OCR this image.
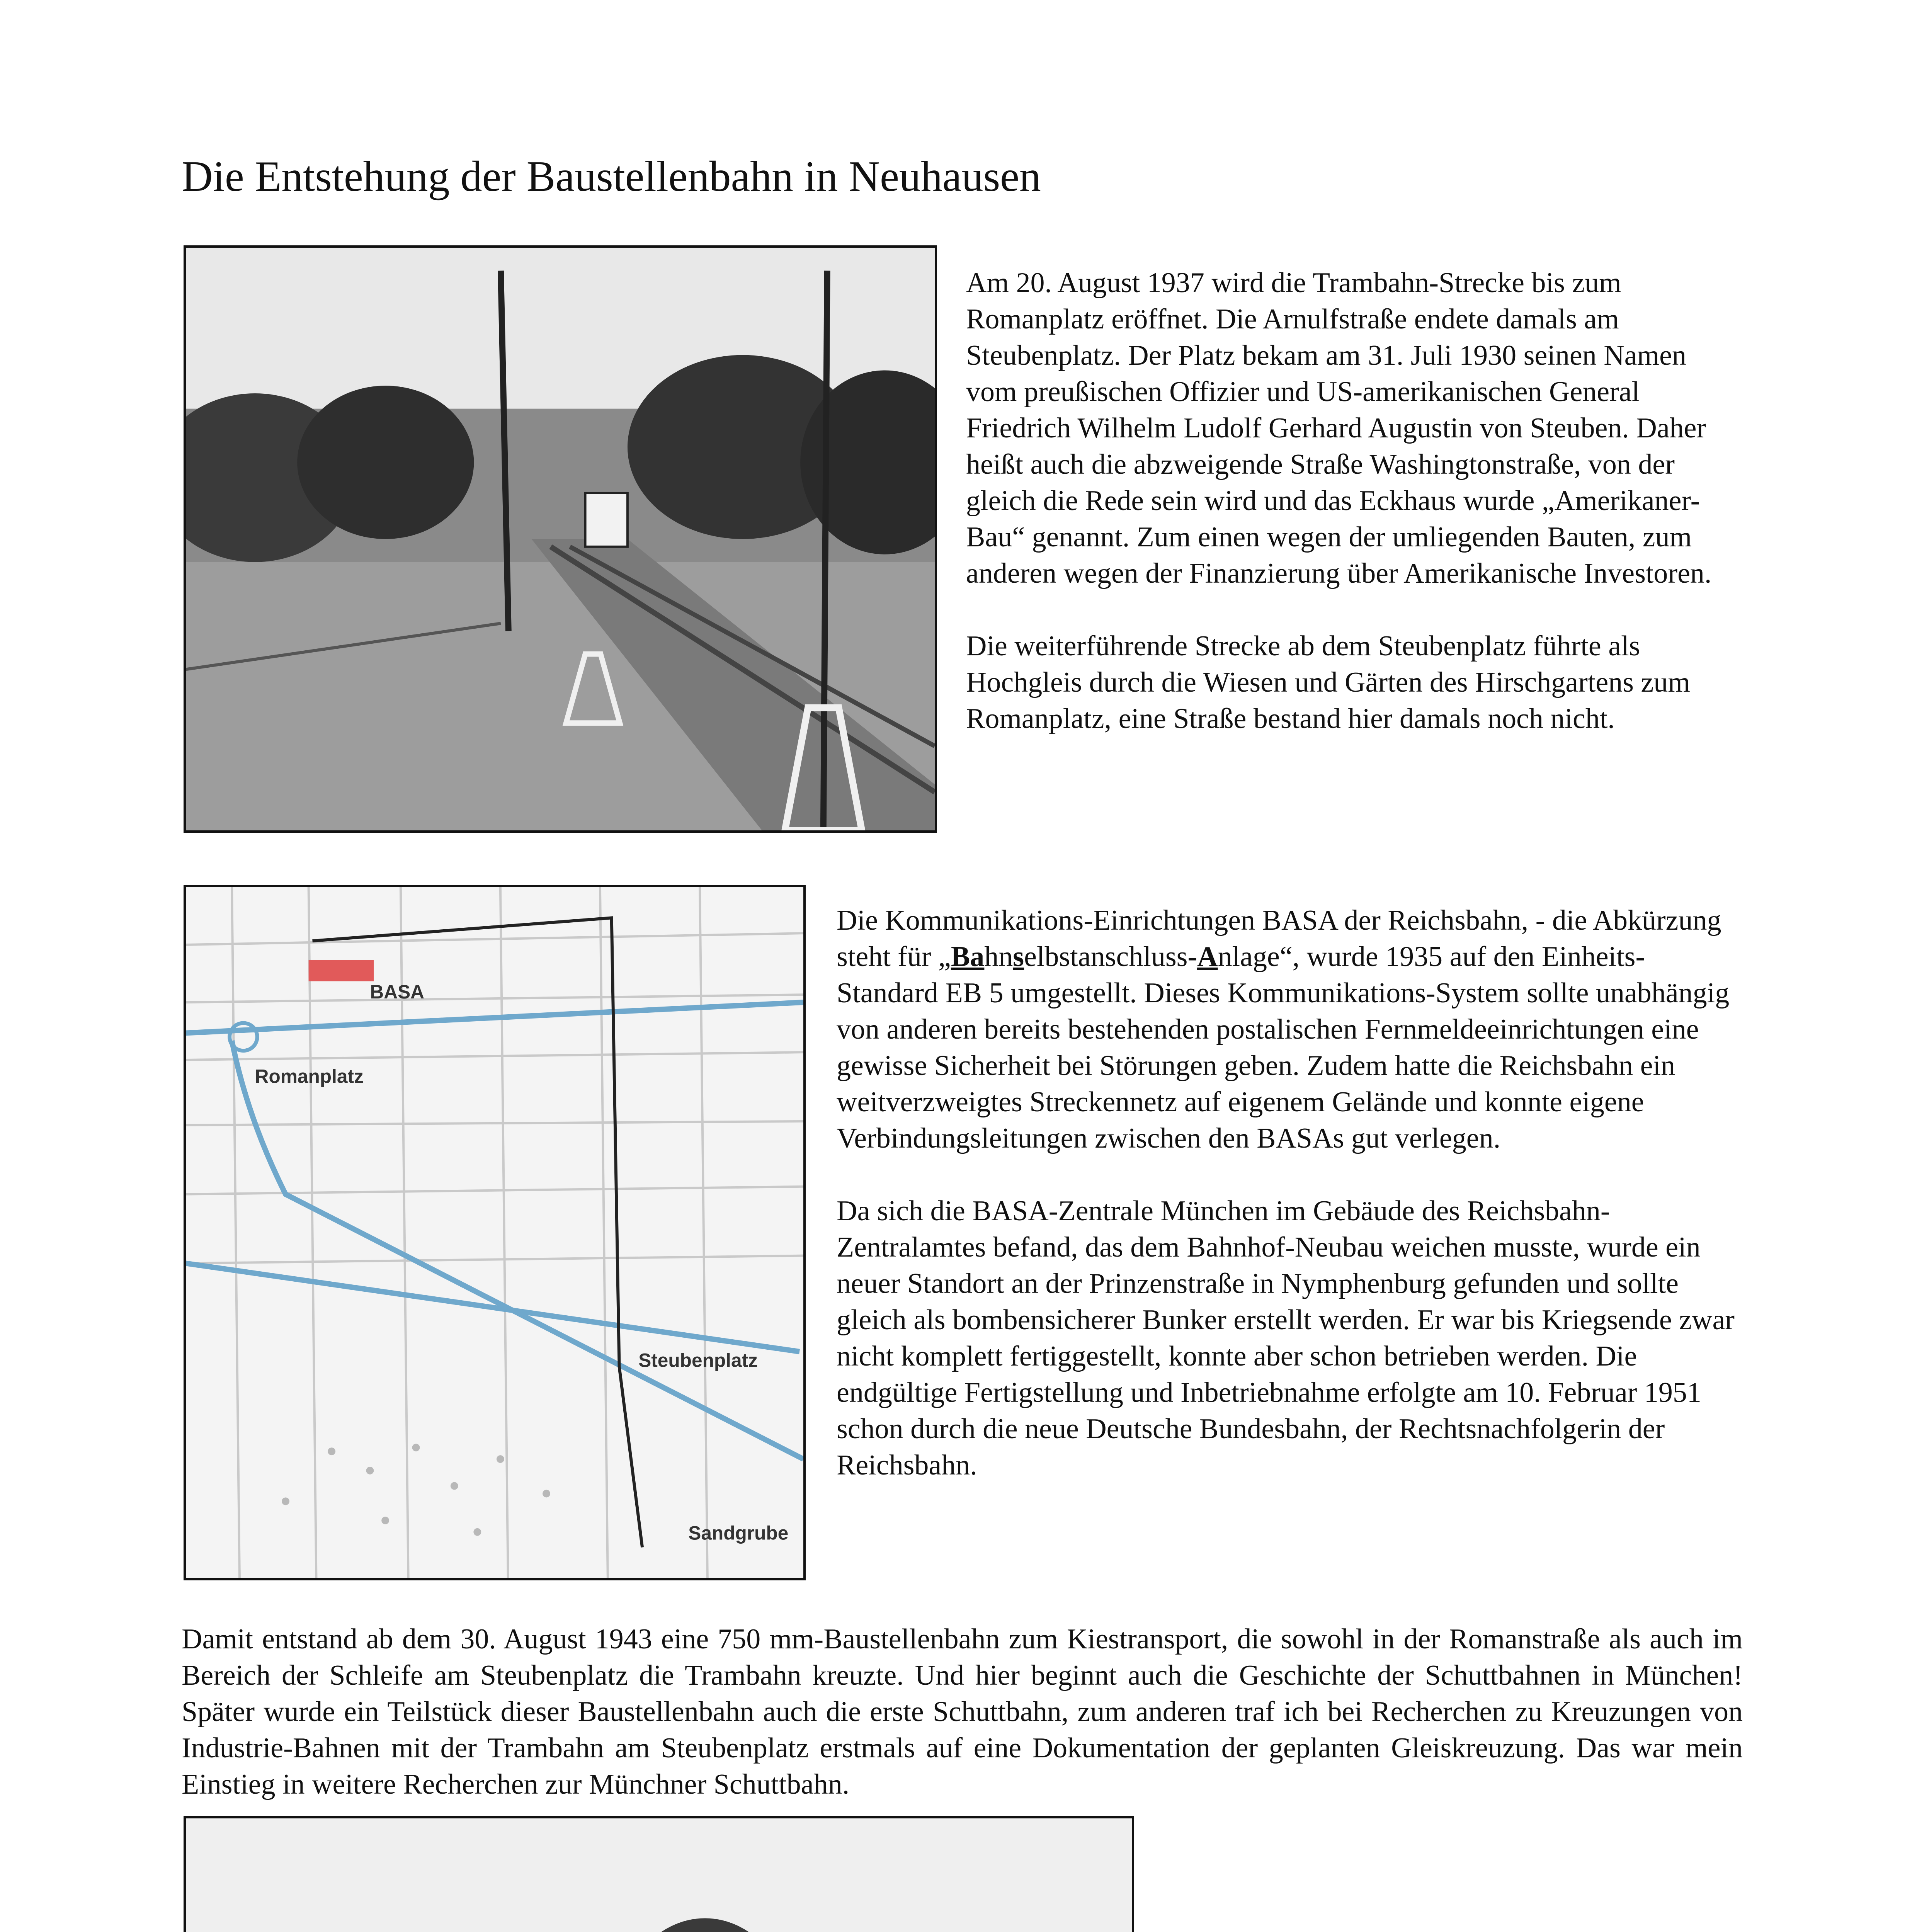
Die Entstehung der Baustellenbahn in Neuhausen

Am 20. August 1937 wird die Trambahn-Strecke bis zum Romanplatz eröffnet. Die Arnulfstraße endete damals am Steubenplatz. Der Platz bekam am 31. Juli 1930 seinen Namen vom preußischen Offizier und US-amerikanischen General Friedrich Wilhelm Ludolf Gerhard Augustin von Steuben. Daher heißt auch die abzweigende Straße Washingtonstraße, von der gleich die Rede sein wird und das Eckhaus wurde „Amerikaner-Bau“ genannt. Zum einen wegen der umliegenden Bauten, zum anderen wegen der Finanzierung über Amerikanische Investoren.

Die weiterführende Strecke ab dem Steubenplatz führte als Hochgleis durch die Wiesen und Gärten des Hirschgartens zum Romanplatz, eine Straße bestand hier damals noch nicht.

BASA
Romanplatz
Steubenplatz
Sandgrube

Die Kommunikations-Einrichtungen BASA der Reichsbahn, - die Abkürzung steht für „Bahnselbstanschluss-Anlage“, wurde 1935 auf den Einheits-Standard EB 5 umgestellt. Dieses Kommunikations-System sollte unabhängig von anderen bereits bestehenden postalischen Fernmeldeeinrichtungen eine gewisse Sicherheit bei Störungen geben. Zudem hatte die Reichsbahn ein weitverzweigtes Streckennetz auf eigenem Gelände und konnte eigene Verbindungsleitungen zwischen den BASAs gut verlegen.

Da sich die BASA-Zentrale München im Gebäude des Reichsbahn-Zentralamtes befand, das dem Bahnhof-Neubau weichen musste, wurde ein neuer Standort an der Prinzenstraße in Nymphenburg gefunden und sollte gleich als bombensicherer Bunker erstellt werden. Er war bis Kriegsende zwar nicht komplett fertiggestellt, konnte aber schon betrieben werden. Die endgültige Fertigstellung und Inbetriebnahme erfolgte am 10. Februar 1951 schon durch die neue Deutsche Bundesbahn, der Rechtsnachfolgerin der Reichsbahn.

Damit entstand ab dem 30. August 1943 eine 750 mm-Baustellenbahn zum Kiestransport, die sowohl in der Romanstraße als auch im Bereich der Schleife am Steubenplatz die Trambahn kreuzte. Und hier beginnt auch die Geschichte der Schuttbahnen in München! Später wurde ein Teilstück dieser Baustellenbahn auch die erste Schuttbahn, zum anderen traf ich bei Recherchen zu Kreuzungen von Industrie-Bahnen mit der Trambahn am Steubenplatz erstmals auf eine Dokumentation der geplanten Gleiskreuzung. Das war mein Einstieg in weitere Recherchen zur Münchner Schuttbahn.
